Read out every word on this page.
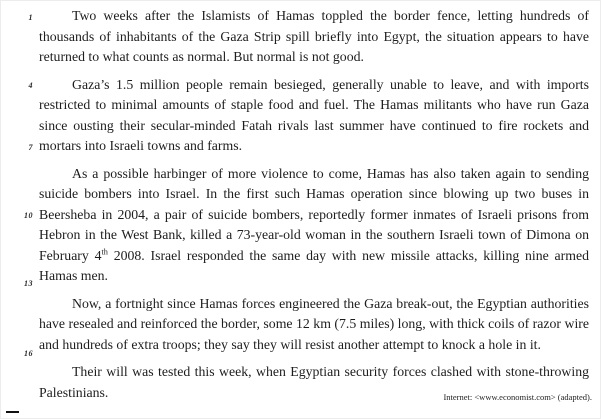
1
4
7
10
13
16

Two weeks after the Islamists of Hamas toppled the border fence, letting hundreds of thousands of inhabitants of the Gaza Strip spill briefly into Egypt, the situation appears to have returned to what counts as normal. But normal is not good.

Gaza’s 1.5 million people remain besieged, generally unable to leave, and with imports restricted to minimal amounts of staple food and fuel. The Hamas militants who have run Gaza since ousting their secular-minded Fatah rivals last summer have continued to fire rockets and mortars into Israeli towns and farms.

As a possible harbinger of more violence to come, Hamas has also taken again to sending suicide bombers into Israel. In the first such Hamas operation since blowing up two buses in Beersheba in 2004, a pair of suicide bombers, reportedly former inmates of Israeli prisons from Hebron in the West Bank, killed a 73-year-old woman in the southern Israeli town of Dimona on February 4th 2008. Israel responded the same day with new missile attacks, killing nine armed Hamas men.

Now, a fortnight since Hamas forces engineered the Gaza break-out, the Egyptian authorities have resealed and reinforced the border, some 12 km (7.5 miles) long, with thick coils of razor wire and hundreds of extra troops; they say they will resist another attempt to knock a hole in it.

Their will was tested this week, when Egyptian security forces clashed with stone-throwing Palestinians.	Internet: <www.economist.com> (adapted).
